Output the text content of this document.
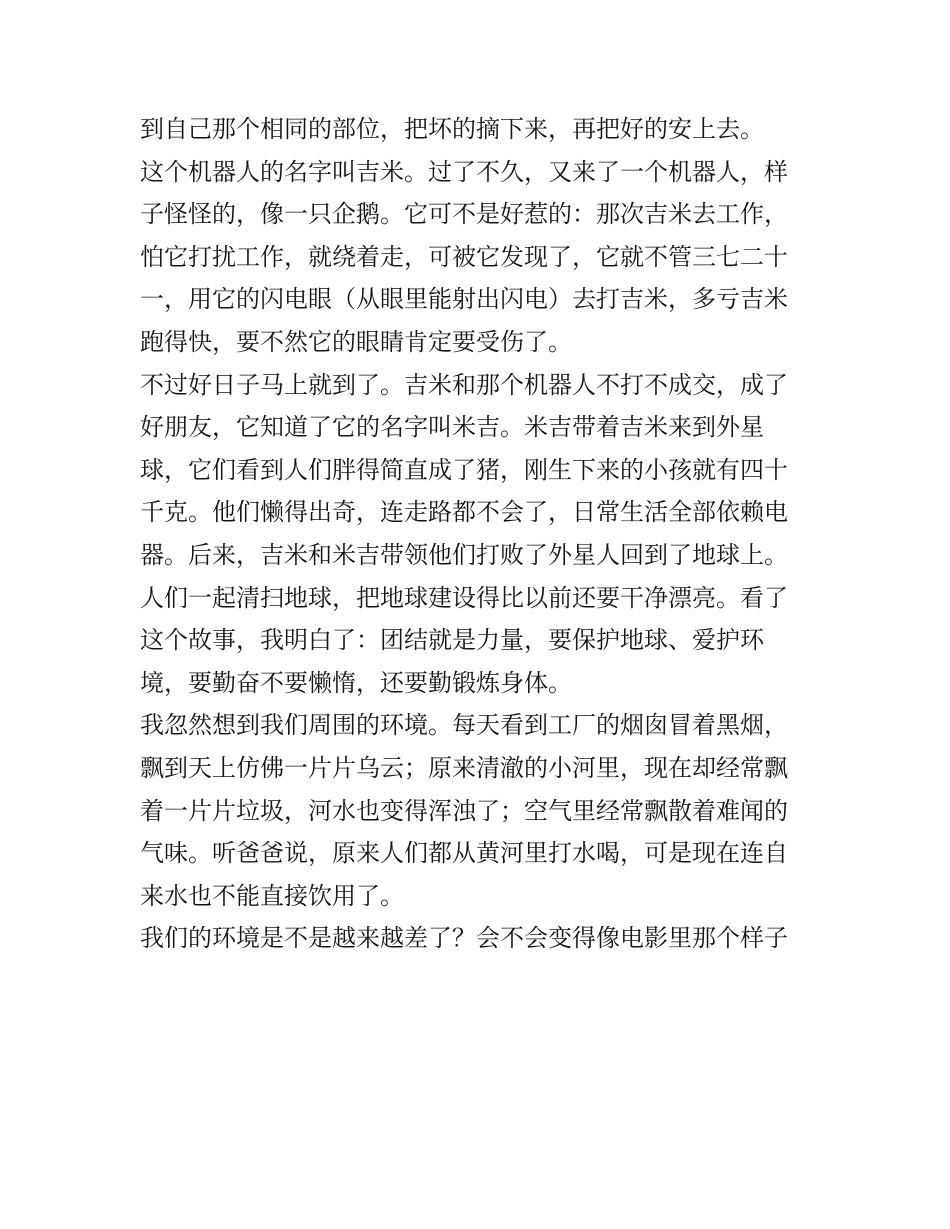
到自己那个相同的部位，把坏的摘下来，再把好的安上去。
这个机器人的名字叫吉米。过了不久，又来了一个机器人，样
子怪怪的，像一只企鹅。它可不是好惹的：那次吉米去工作，
怕它打扰工作，就绕着走，可被它发现了，它就不管三七二十
一，用它的闪电眼（从眼里能射出闪电）去打吉米，多亏吉米
跑得快，要不然它的眼睛肯定要受伤了。
不过好日子马上就到了。吉米和那个机器人不打不成交，成了
好朋友，它知道了它的名字叫米吉。米吉带着吉米来到外星
球，它们看到人们胖得简直成了猪，刚生下来的小孩就有四十
千克。他们懒得出奇，连走路都不会了，日常生活全部依赖电
器。后来，吉米和米吉带领他们打败了外星人回到了地球上。
人们一起清扫地球，把地球建设得比以前还要干净漂亮。看了
这个故事，我明白了：团结就是力量，要保护地球、爱护环
境，要勤奋不要懒惰，还要勤锻炼身体。
我忽然想到我们周围的环境。每天看到工厂的烟囱冒着黑烟，
飘到天上仿佛一片片乌云；原来清澈的小河里，现在却经常飘
着一片片垃圾，河水也变得浑浊了；空气里经常飘散着难闻的
气味。听爸爸说，原来人们都从黄河里打水喝，可是现在连自
来水也不能直接饮用了。
我们的环境是不是越来越差了？会不会变得像电影里那个样子
